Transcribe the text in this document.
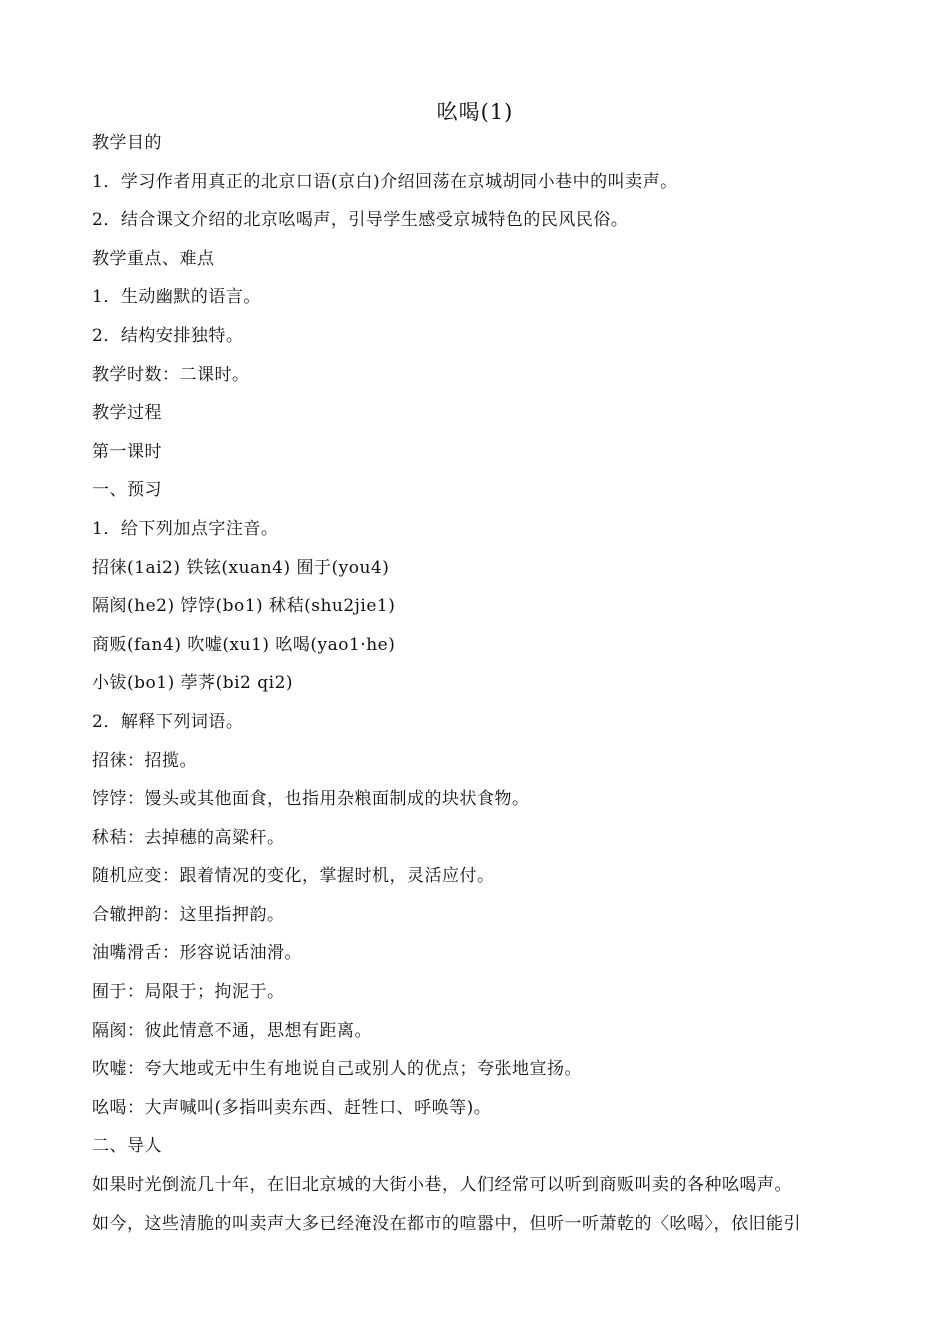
吆喝(1)
教学目的
1．学习作者用真正的北京口语(京白)介绍回荡在京城胡同小巷中的叫卖声。
2．结合课文介绍的北京吆喝声，引导学生感受京城特色的民风民俗。
教学重点、难点
1．生动幽默的语言。
2．结构安排独特。
教学时数：二课时。
教学过程
第一课时
一、预习
1．给下列加点字注音。
招徕(1ai2) 铁铉(xuan4) 囿于(you4)
隔阂(he2) 饽饽(bo1) 秫秸(shu2jie1)
商贩(fan4) 吹嘘(xu1) 吆喝(yao1·he)
小钹(bo1) 荸荠(bi2 qi2)
2．解释下列词语。
招徕：招揽。
饽饽：馒头或其他面食，也指用杂粮面制成的块状食物。
秫秸：去掉穗的高粱秆。
随机应变：跟着情况的变化，掌握时机，灵活应付。
合辙押韵：这里指押韵。
油嘴滑舌：形容说话油滑。
囿于：局限于；拘泥于。
隔阂：彼此情意不通，思想有距离。
吹嘘：夸大地或无中生有地说自己或别人的优点；夸张地宣扬。
吆喝：大声喊叫(多指叫卖东西、赶牲口、呼唤等)。
二、导人
如果时光倒流几十年，在旧北京城的大街小巷，人们经常可以听到商贩叫卖的各种吆喝声。
如今，这些清脆的叫卖声大多已经淹没在都市的喧嚣中，但听一听萧乾的〈吆喝〉，依旧能引
